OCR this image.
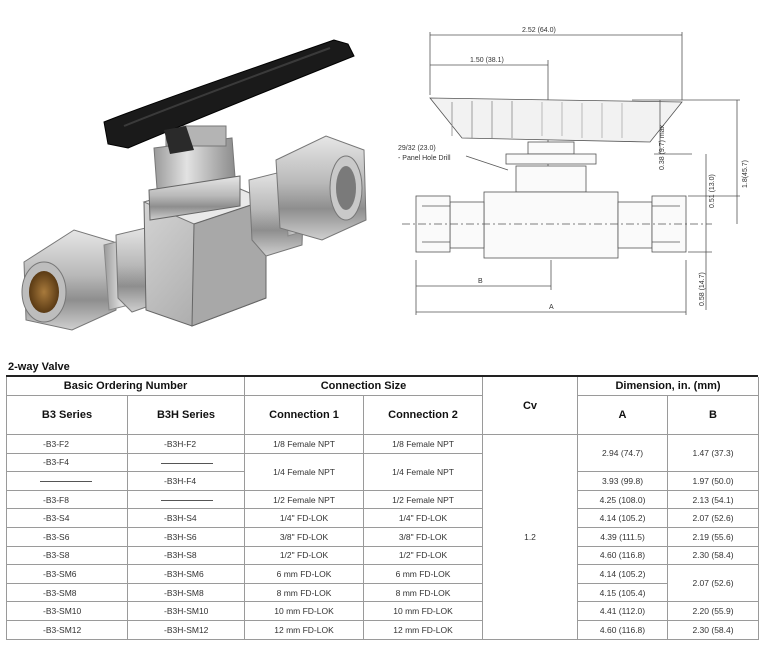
2.52 (64.0)
1.50 (38.1)
29/32 (23.0)
- Panel Hole Drill	0.38 (9.7) max
1.8(45.7)
0.51 (13.0)
0.58 (14.7)
B
A
2-way Valve
Basic Ordering Number		Connection Size		Cv	Dimension, in. (mm)	
B3 Series	B3H Series	Connection 1	Connection 2		A	B
-B3-F2	-B3H-F2	1/8 Female NPT	1/8 Female NPT	1.2	2.94 (74.7)	1.47 (37.3)
-B3-F4		1/4 Female NPT	1/4 Female NPT			
	-B3H-F4				3.93 (99.8)	1.97 (50.0)
-B3-F8		1/2 Female NPT	1/2 Female NPT		4.25 (108.0)	2.13 (54.1)
-B3-S4	-B3H-S4	1/4" FD-LOK	1/4" FD-LOK		4.14 (105.2)	2.07 (52.6)
-B3-S6	-B3H-S6	3/8" FD-LOK	3/8" FD-LOK		4.39 (111.5)	2.19 (55.6)
-B3-S8	-B3H-S8	1/2" FD-LOK	1/2" FD-LOK		4.60 (116.8)	2.30 (58.4)
-B3-SM6	-B3H-SM6	6 mm FD-LOK	6 mm FD-LOK		4.14 (105.2)	2.07 (52.6)
-B3-SM8	-B3H-SM8	8 mm FD-LOK	8 mm FD-LOK		4.15 (105.4)	
-B3-SM10	-B3H-SM10	10 mm FD-LOK	10 mm FD-LOK		4.41 (112.0)	2.20 (55.9)
-B3-SM12	-B3H-SM12	12 mm FD-LOK	12 mm FD-LOK		4.60 (116.8)	2.30 (58.4)
